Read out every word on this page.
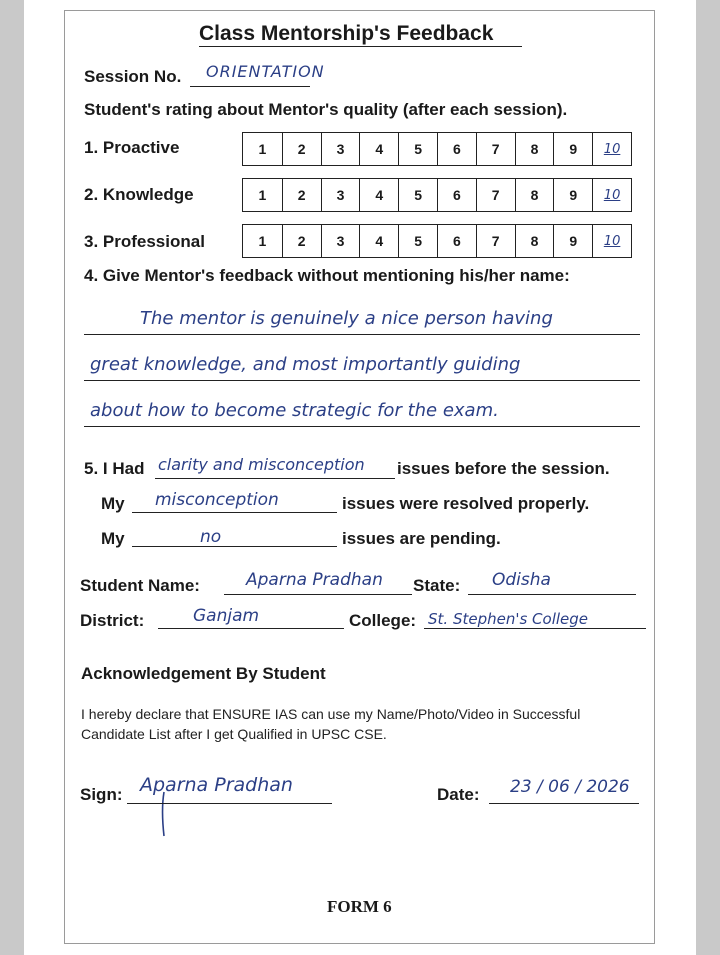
Class Mentorship's Feedback
Session No. ORIENTATION
Student's rating about Mentor's quality (after each session).
1. Proactive	1	2	3	4	5	6	7	8	9	10
2. Knowledge	1	2	3	4	5	6	7	8	9	10
3. Professional	1	2	3	4	5	6	7	8	9	10
4. Give Mentor's feedback without mentioning his/her name:
The mentor is genuinely a nice person having
great knowledge, and most importantly guiding
about how to become strategic for the exam.
5. I Had clarity and misconception issues before the session.
My misconception	issues were resolved properly.
My	no	issues are pending.
Student Name:	Aparna Pradhan State: Odisha
District:	Ganjam	College: St. Stephen's College
Acknowledgement By Student
I hereby declare that ENSURE IAS can use my Name/Photo/Video in Successful
Candidate List after I get Qualified in UPSC CSE.
Sign: Aparna Pradhan	Date: 23 / 06 / 2026
FORM 6
